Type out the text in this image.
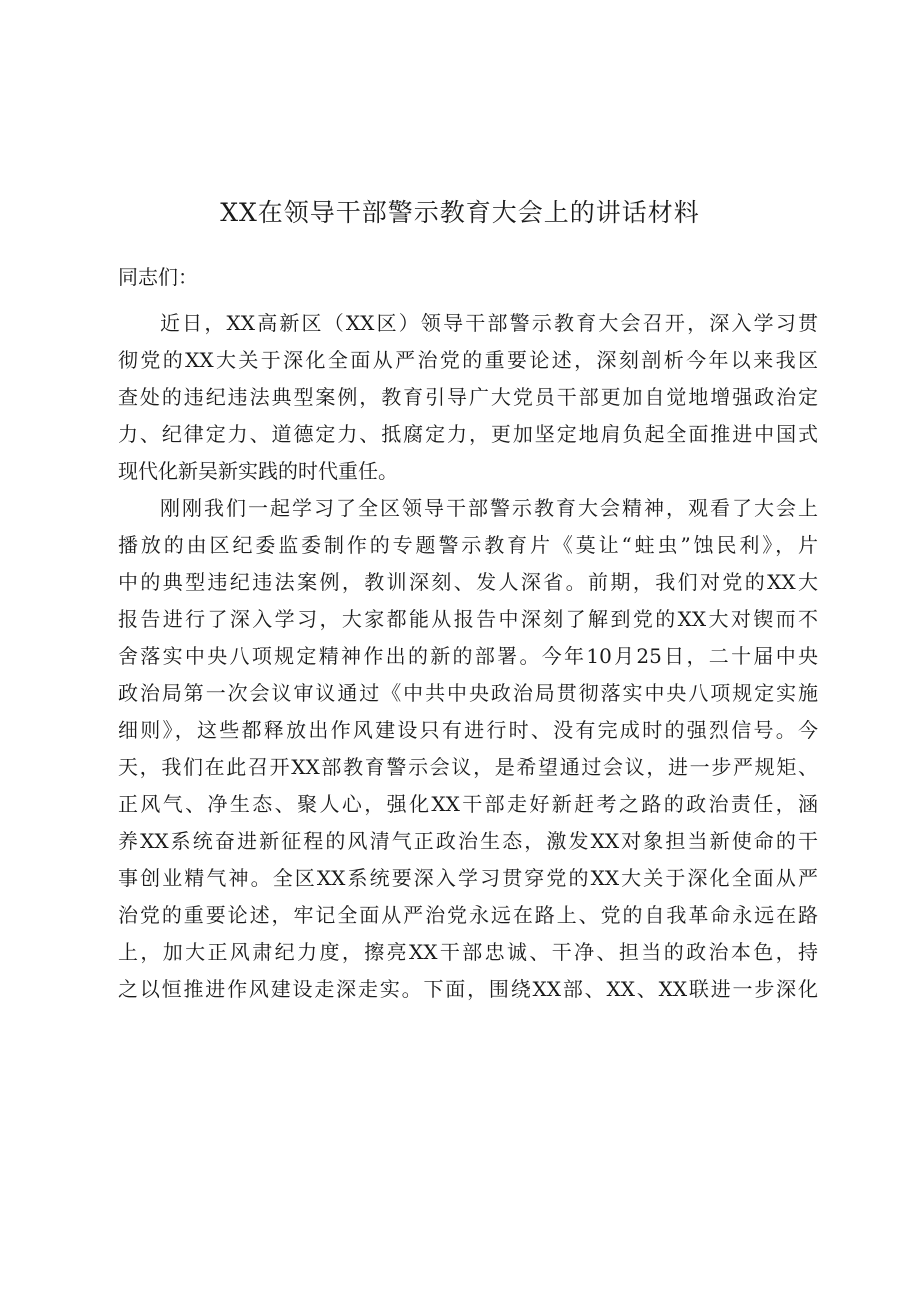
XX在领导干部警示教育大会上的讲话材料
同志们：
近日，XX高新区（XX区）领导干部警示教育大会召开，深入学习贯
彻党的XX大关于深化全面从严治党的重要论述，深刻剖析今年以来我区
查处的违纪违法典型案例，教育引导广大党员干部更加自觉地增强政治定
力、纪律定力、道德定力、抵腐定力，更加坚定地肩负起全面推进中国式
现代化新吴新实践的时代重任。
刚刚我们一起学习了全区领导干部警示教育大会精神，观看了大会上
播放的由区纪委监委制作的专题警示教育片《莫让“蛀虫”蚀民利》，片
中的典型违纪违法案例，教训深刻、发人深省。前期，我们对党的XX大
报告进行了深入学习，大家都能从报告中深刻了解到党的XX大对锲而不
舍落实中央八项规定精神作出的新的部署。今年10月25日，二十届中央
政治局第一次会议审议通过《中共中央政治局贯彻落实中央八项规定实施
细则》，这些都释放出作风建设只有进行时、没有完成时的强烈信号。今
天，我们在此召开XX部教育警示会议，是希望通过会议，进一步严规矩、
正风气、净生态、聚人心，强化XX干部走好新赶考之路的政治责任，涵
养XX系统奋进新征程的风清气正政治生态，激发XX对象担当新使命的干
事创业精气神。全区XX系统要深入学习贯穿党的XX大关于深化全面从严
治党的重要论述，牢记全面从严治党永远在路上、党的自我革命永远在路
上，加大正风肃纪力度，擦亮XX干部忠诚、干净、担当的政治本色，持
之以恒推进作风建设走深走实。下面，围绕XX部、XX、XX联进一步深化
